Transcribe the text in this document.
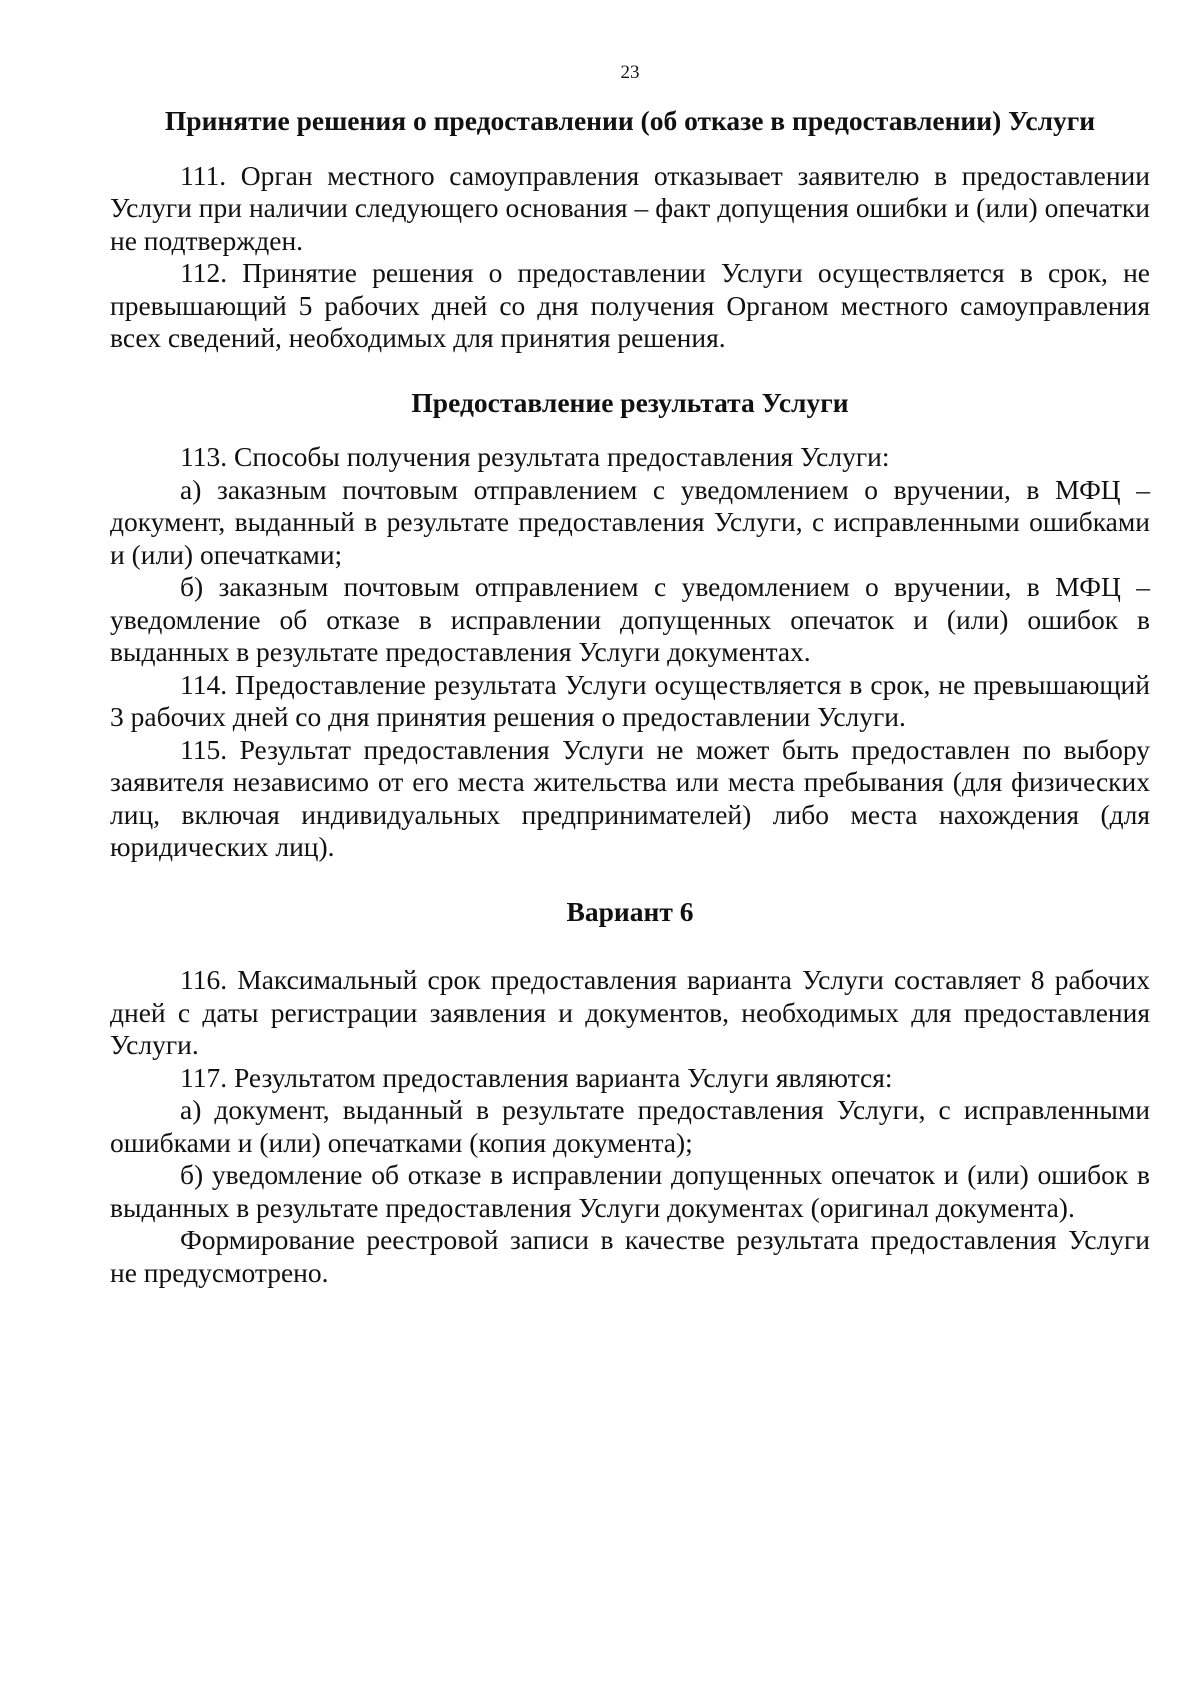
23
Принятие решения о предоставлении (об отказе в предоставлении) Услуги

111. Орган местного самоуправления отказывает заявителю в предоставлении Услуги при наличии следующего основания – факт допущения ошибки и (или) опечатки не подтвержден.

112. Принятие решения о предоставлении Услуги осуществляется в срок, не превышающий 5 рабочих дней со дня получения Органом местного самоуправления всех сведений, необходимых для принятия решения.

Предоставление результата Услуги

113. Способы получения результата предоставления Услуги:

а) заказным почтовым отправлением с уведомлением о вручении, в МФЦ – документ, выданный в результате предоставления Услуги, с исправленными ошибками и (или) опечатками;

б) заказным почтовым отправлением с уведомлением о вручении, в МФЦ – уведомление об отказе в исправлении допущенных опечаток и (или) ошибок в выданных в результате предоставления Услуги документах.

114. Предоставление результата Услуги осуществляется в срок, не превышающий 3 рабочих дней со дня принятия решения о предоставлении Услуги.

115. Результат предоставления Услуги не может быть предоставлен по выбору заявителя независимо от его места жительства или места пребывания (для физических лиц, включая индивидуальных предпринимателей) либо места нахождения (для юридических лиц).

Вариант 6

116. Максимальный срок предоставления варианта Услуги составляет 8 рабочих дней с даты регистрации заявления и документов, необходимых для предоставления Услуги.

117. Результатом предоставления варианта Услуги являются:

а) документ, выданный в результате предоставления Услуги, с исправленными ошибками и (или) опечатками (копия документа);

б) уведомление об отказе в исправлении допущенных опечаток и (или) ошибок в выданных в результате предоставления Услуги документах (оригинал документа).

Формирование реестровой записи в качестве результата предоставления Услуги не предусмотрено.
